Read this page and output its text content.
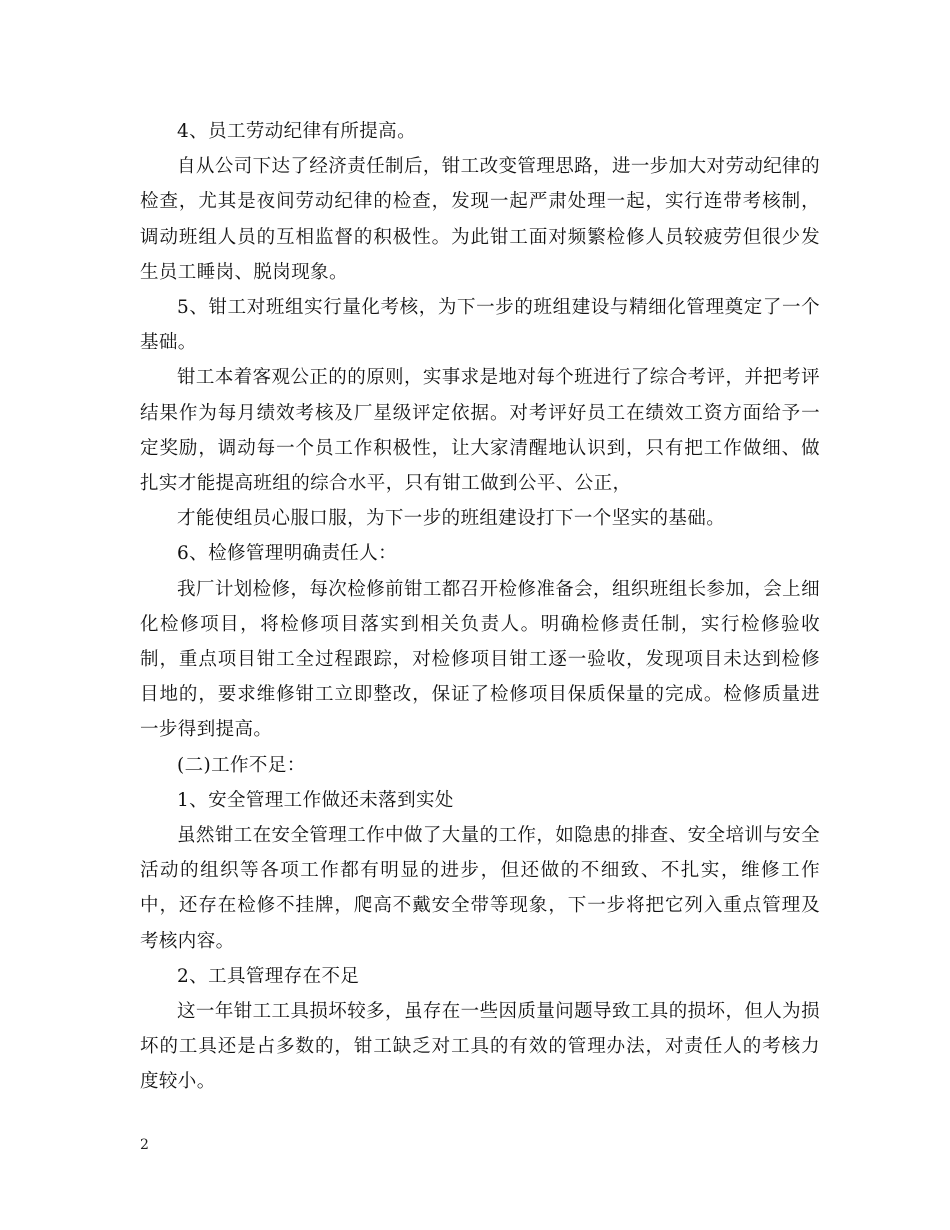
4、员工劳动纪律有所提高。

自从公司下达了经济责任制后，钳工改变管理思路，进一步加大对劳动纪律的检查，尤其是夜间劳动纪律的检查，发现一起严肃处理一起，实行连带考核制，调动班组人员的互相监督的积极性。为此钳工面对频繁检修人员较疲劳但很少发生员工睡岗、脱岗现象。

5、钳工对班组实行量化考核，为下一步的班组建设与精细化管理奠定了一个基础。

钳工本着客观公正的的原则，实事求是地对每个班进行了综合考评，并把考评结果作为每月绩效考核及厂星级评定依据。对考评好员工在绩效工资方面给予一定奖励，调动每一个员工作积极性，让大家清醒地认识到，只有把工作做细、做扎实才能提高班组的综合水平，只有钳工做到公平、公正，

才能使组员心服口服，为下一步的班组建设打下一个坚实的基础。

6、检修管理明确责任人：

我厂计划检修，每次检修前钳工都召开检修准备会，组织班组长参加，会上细化检修项目，将检修项目落实到相关负责人。明确检修责任制，实行检修验收制，重点项目钳工全过程跟踪，对检修项目钳工逐一验收，发现项目未达到检修目地的，要求维修钳工立即整改，保证了检修项目保质保量的完成。检修质量进一步得到提高。

(二)工作不足：

1、安全管理工作做还未落到实处

虽然钳工在安全管理工作中做了大量的工作，如隐患的排查、安全培训与安全活动的组织等各项工作都有明显的进步，但还做的不细致、不扎实，维修工作中，还存在检修不挂牌，爬高不戴安全带等现象，下一步将把它列入重点管理及考核内容。

2、工具管理存在不足

这一年钳工工具损坏较多，虽存在一些因质量问题导致工具的损坏，但人为损坏的工具还是占多数的，钳工缺乏对工具的有效的管理办法，对责任人的考核力度较小。

2
